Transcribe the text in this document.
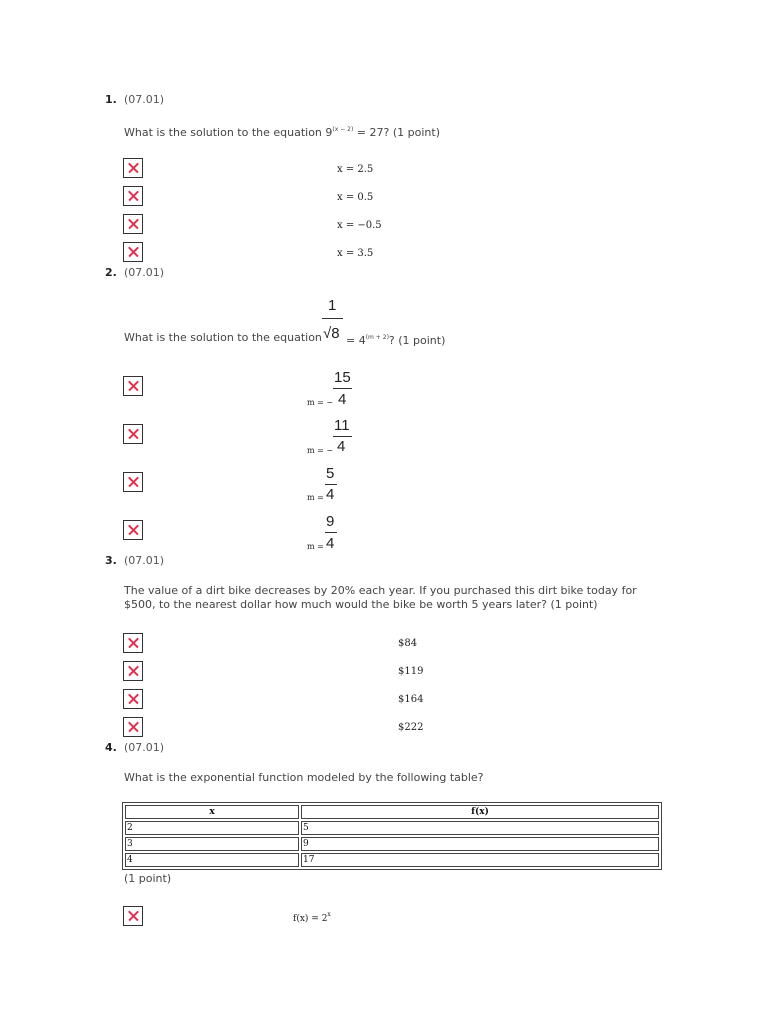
1. (07.01)
What is the solution to the equation $9^{(x - 2)} = 27$? (1 point)
x = 2.5
x = 0.5
x = −0.5
x = 3.5
2. (07.01)
What is the solution to the equation
1
$√8 = 4^{(m + 2)}$? (1 point)
m = −
15
4
m = −
11
4
m =
5
4
m =
9
4
3. (07.01)
The value of a dirt bike decreases by 20% each year. If you purchased this dirt bike today for
$500, to the nearest dollar how much would the bike be worth 5 years later? (1 point)
$84
$119
$164
$222
4. (07.01)
What is the exponential function modeled by the following table?
x	f(x)
2	5
3	9
4	17
(1 point)
$f(x) = 2^x$
